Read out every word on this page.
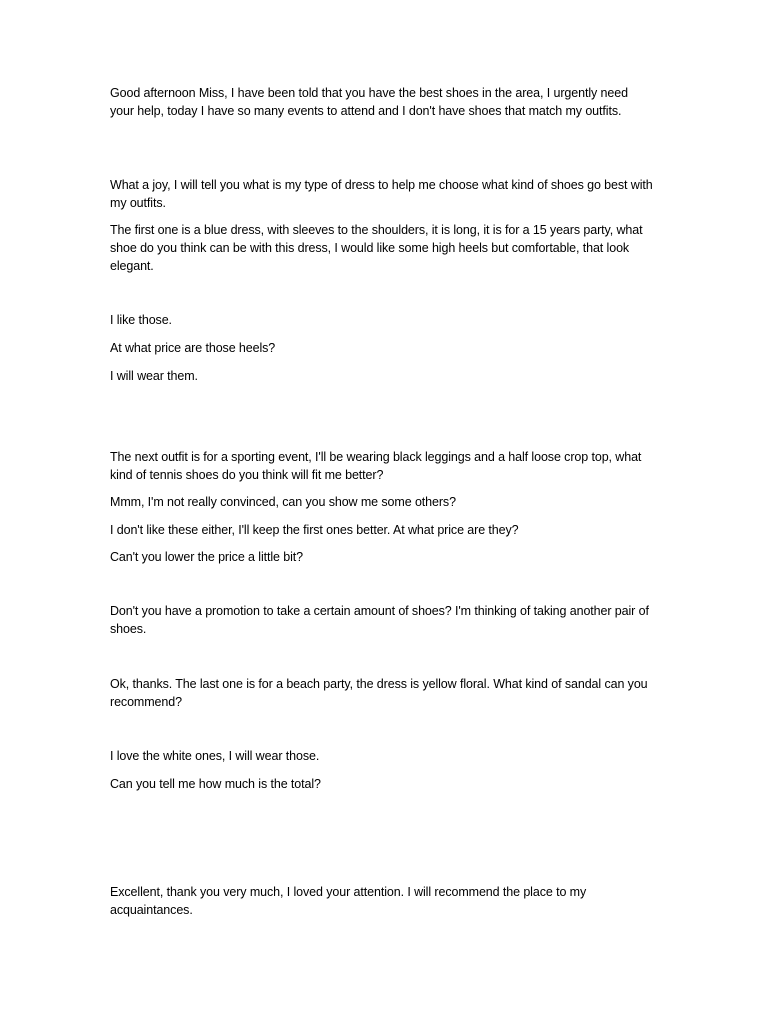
Good afternoon Miss, I have been told that you have the best shoes in the area, I urgently need your help, today I have so many events to attend and I don't have shoes that match my outfits.

What a joy, I will tell you what is my type of dress to help me choose what kind of shoes go best with my outfits.

The first one is a blue dress, with sleeves to the shoulders, it is long, it is for a 15 years party, what shoe do you think can be with this dress, I would like some high heels but comfortable, that look elegant.

I like those.

At what price are those heels?

I will wear them.

The next outfit is for a sporting event, I'll be wearing black leggings and a half loose crop top, what kind of tennis shoes do you think will fit me better?

Mmm, I'm not really convinced, can you show me some others?

I don't like these either, I'll keep the first ones better. At what price are they?

Can't you lower the price a little bit?

Don't you have a promotion to take a certain amount of shoes? I'm thinking of taking another pair of shoes.

Ok, thanks. The last one is for a beach party, the dress is yellow floral. What kind of sandal can you recommend?

I love the white ones, I will wear those.

Can you tell me how much is the total?

Excellent, thank you very much, I loved your attention. I will recommend the place to my acquaintances.
